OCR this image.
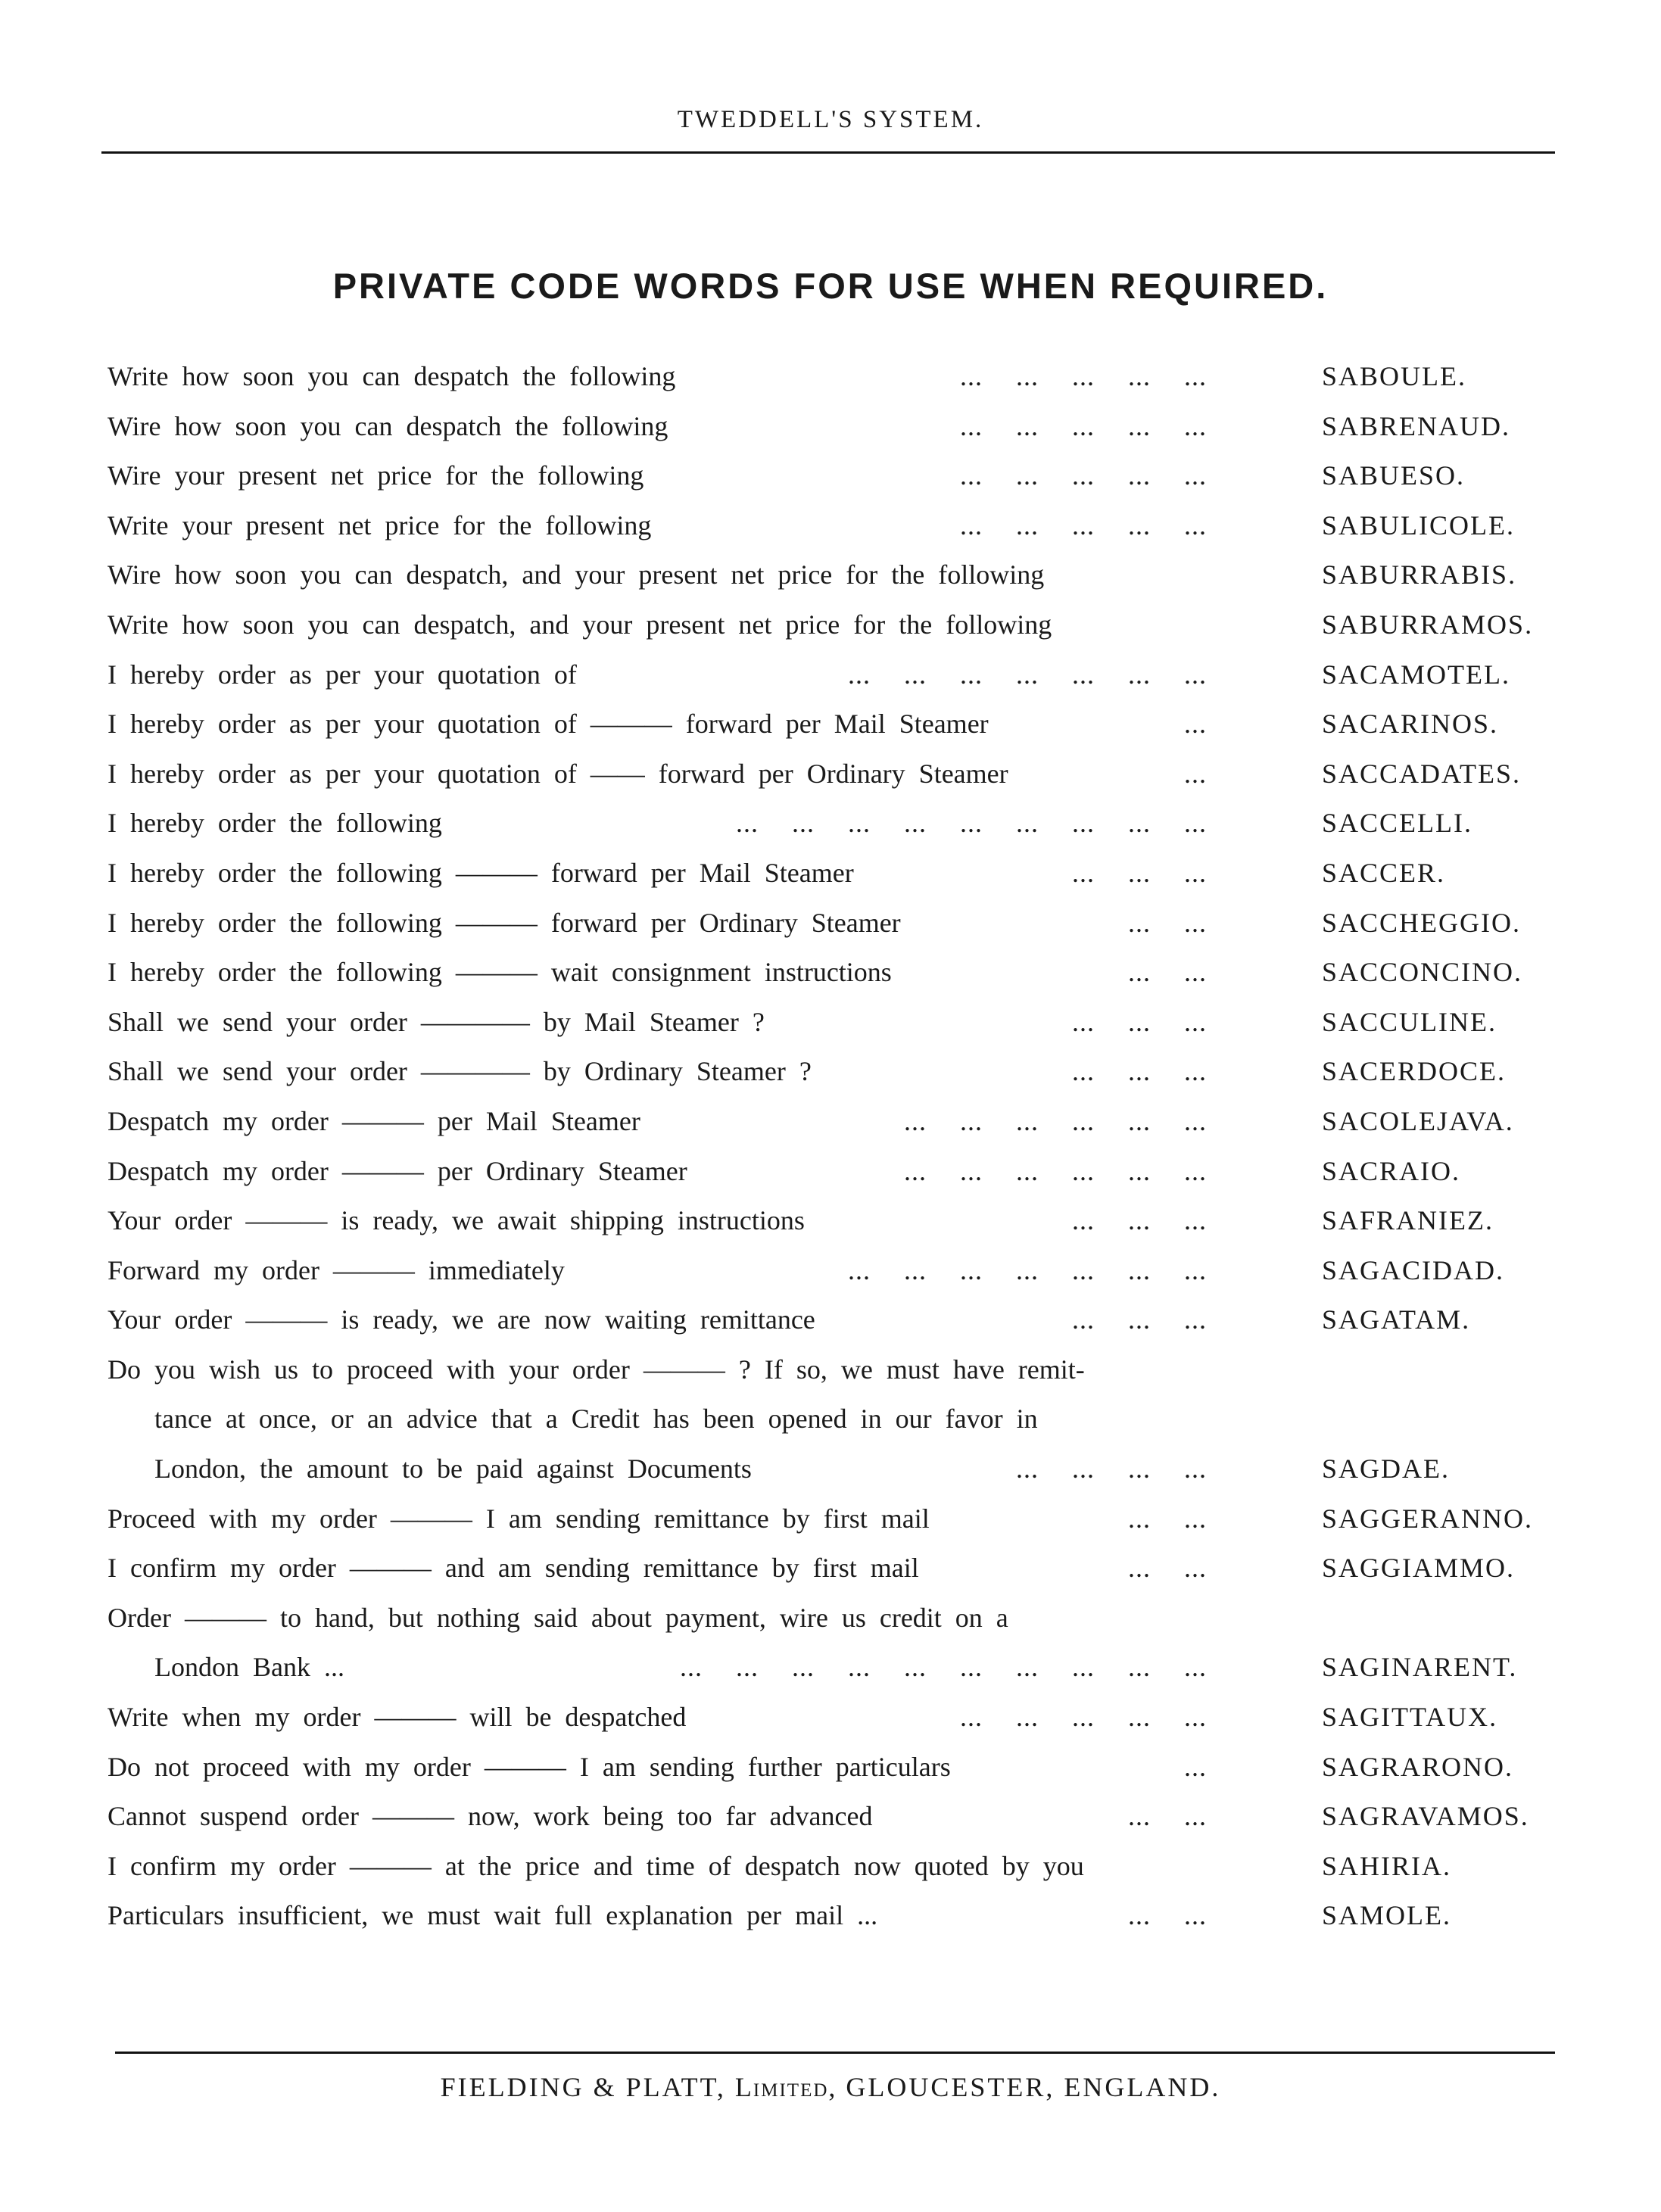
TWEDDELL'S SYSTEM.
PRIVATE CODE WORDS FOR USE WHEN REQUIRED.
Write how soon you can despatch the following	... ... ... ... ...	SABOULE.
Wire how soon you can despatch the following	... ... ... ... ...	SABRENAUD.
Wire your present net price for the following	... ... ... ... ...	SABUESO.
Write your present net price for the following	... ... ... ... ...	SABULICOLE.
Wire how soon you can despatch, and your present net price for the following	SABURRABIS.
Write how soon you can despatch, and your present net price for the following	SABURRAMOS.
I hereby order as per your quotation of	... ... ... ... ... ... ...	SACAMOTEL.
I hereby order as per your quotation of ——— forward per Mail Steamer	...	SACARINOS.
I hereby order as per your quotation of —— forward per Ordinary Steamer	...	SACCADATES.
I hereby order the following	... ... ... ... ... ... ... ... ...	SACCELLI.
I hereby order the following ——— forward per Mail Steamer	... ... ...	SACCER.
I hereby order the following ——— forward per Ordinary Steamer	... ...	SACCHEGGIO.
I hereby order the following ——— wait consignment instructions	... ...	SACCONCINO.
Shall we send your order ———— by Mail Steamer ?	... ... ...	SACCULINE.
Shall we send your order ———— by Ordinary Steamer ?	... ... ...	SACERDOCE.
Despatch my order ——— per Mail Steamer	... ... ... ... ... ...	SACOLEJAVA.
Despatch my order ——— per Ordinary Steamer	... ... ... ... ... ...	SACRAIO.
Your order ——— is ready, we await shipping instructions	... ... ...	SAFRANIEZ.
Forward my order ——— immediately	... ... ... ... ... ... ...	SAGACIDAD.
Your order ——— is ready, we are now waiting remittance	... ... ...	SAGATAM.
Do you wish us to proceed with your order ——— ? If so, we must have remit-
tance at once, or an advice that a Credit has been opened in our favor in
London, the amount to be paid against Documents	... ... ... ...	SAGDAE.
Proceed with my order ——— I am sending remittance by first mail	... ...	SAGGERANNO.
I confirm my order ——— and am sending remittance by first mail	... ...	SAGGIAMMO.
Order ——— to hand, but nothing said about payment, wire us credit on a
London Bank ...	... ... ... ... ... ... ... ... ... ...	SAGINARENT.
Write when my order ——— will be despatched	... ... ... ... ...	SAGITTAUX.
Do not proceed with my order ——— I am sending further particulars	...	SAGRARONO.
Cannot suspend order ——— now, work being too far advanced	... ...	SAGRAVAMOS.
I confirm my order ——— at the price and time of despatch now quoted by you	SAHIRIA.
Particulars insufficient, we must wait full explanation per mail ...	... ...	SAMOLE.
FIELDING & PLATT, Limited, GLOUCESTER, ENGLAND.
